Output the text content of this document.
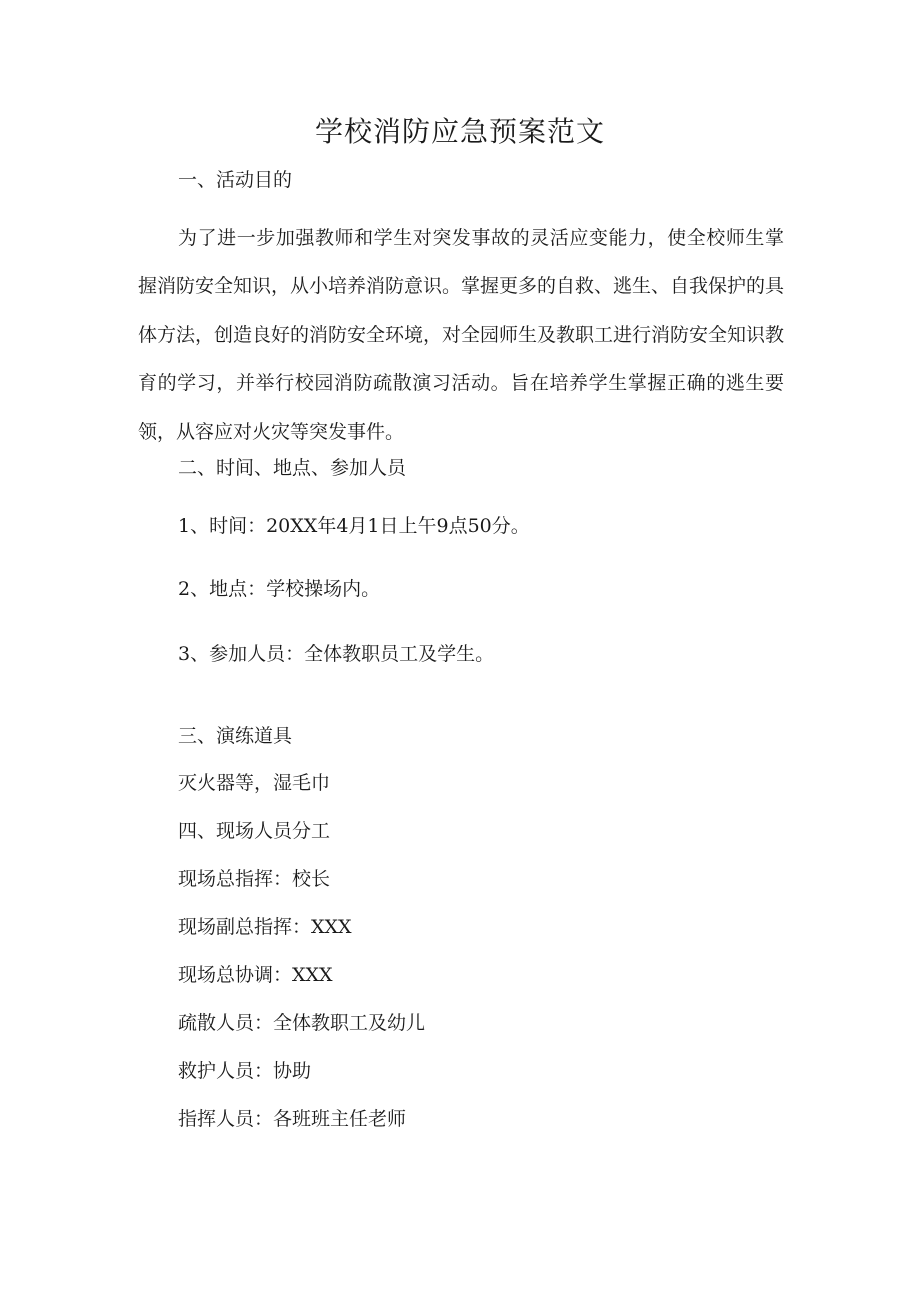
学校消防应急预案范文
一、活动目的

为了进一步加强教师和学生对突发事故的灵活应变能力，使全校师生掌握消防安全知识，从小培养消防意识。掌握更多的自救、逃生、自我保护的具体方法，创造良好的消防安全环境，对全园师生及教职工进行消防安全知识教育的学习，并举行校园消防疏散演习活动。旨在培养学生掌握正确的逃生要领，从容应对火灾等突发事件。

二、时间、地点、参加人员
1、时间：20XX年4月1日上午9点50分。
2、地点：学校操场内。
3、参加人员：全体教职员工及学生。
三、演练道具
灭火器等，湿毛巾
四、现场人员分工
现场总指挥：校长
现场副总指挥：XXX
现场总协调：XXX
疏散人员：全体教职工及幼儿
救护人员：协助
指挥人员：各班班主任老师
